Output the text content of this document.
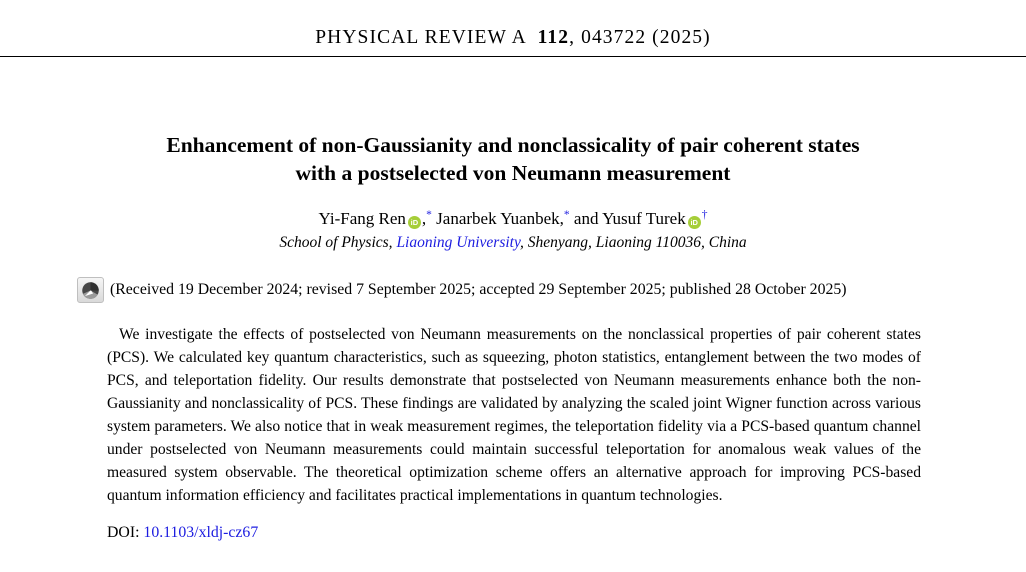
PHYSICAL REVIEW A  112, 043722 (2025)
Enhancement of non-Gaussianity and nonclassicality of pair coherent states
with a postselected von Neumann measurement
Yi-Fang Ren iD ,* Janarbek Yuanbek,* and Yusuf Turek iD†
School of Physics, Liaoning University, Shenyang, Liaoning 110036, China
(Received 19 December 2024; revised 7 September 2025; accepted 29 September 2025; published 28 October 2025)
We investigate the effects of postselected von Neumann measurements on the nonclassical properties of pair coherent states (PCS). We calculated key quantum characteristics, such as squeezing, photon statistics, entanglement between the two modes of PCS, and teleportation fidelity. Our results demonstrate that postselected von Neumann measurements enhance both the non-Gaussianity and nonclassicality of PCS. These findings are validated by analyzing the scaled joint Wigner function across various system parameters. We also notice that in weak measurement regimes, the teleportation fidelity via a PCS-based quantum channel under postselected von Neumann measurements could maintain successful teleportation for anomalous weak values of the measured system observable. The theoretical optimization scheme offers an alternative approach for improving PCS-based quantum information efficiency and facilitates practical implementations in quantum technologies.
DOI: 10.1103/xldj-cz67
